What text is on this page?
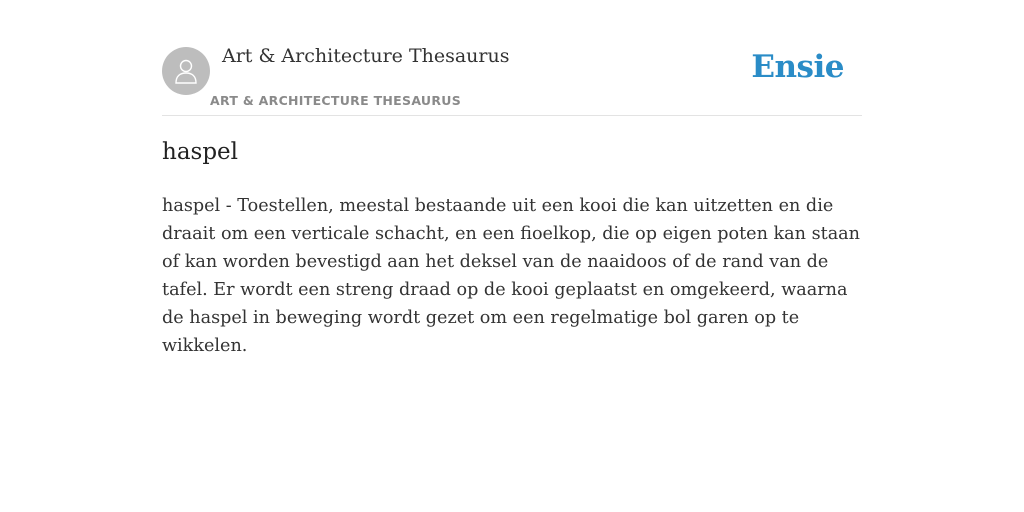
Art & Architecture Thesaurus
ART & ARCHITECTURE THESAURUS
Ensie
haspel

haspel - Toestellen, meestal bestaande uit een kooi die kan uitzetten en die draait om een verticale schacht, en een fioelkop, die op eigen poten kan staan of kan worden bevestigd aan het deksel van de naaidoos of de rand van de tafel. Er wordt een streng draad op de kooi geplaatst en omgekeerd, waarna de haspel in beweging wordt gezet om een regelmatige bol garen op te wikkelen.
